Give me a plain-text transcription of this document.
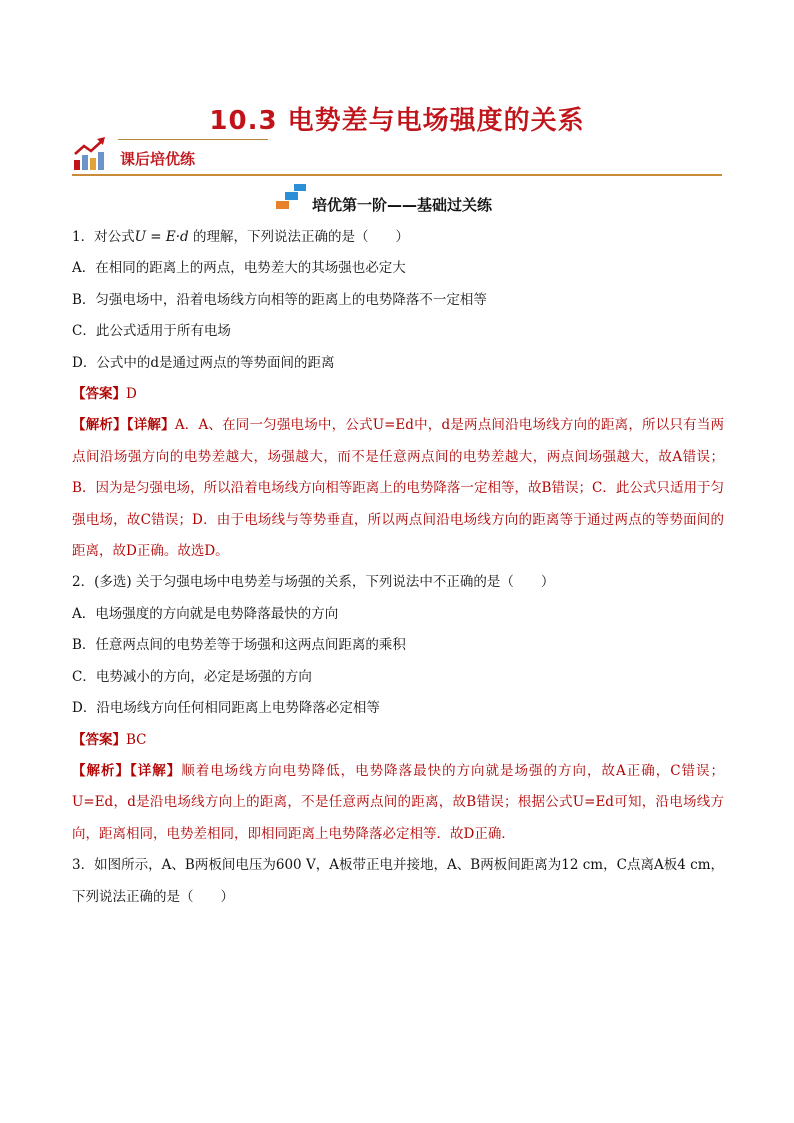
10.3 电势差与电场强度的关系
课后培优练
培优第一阶——基础过关练

1．对公式U = E·d 的理解，下列说法正确的是（　　）

A．在相同的距离上的两点，电势差大的其场强也必定大

B．匀强电场中，沿着电场线方向相等的距离上的电势降落不一定相等

C．此公式适用于所有电场

D．公式中的d是通过两点的等势面间的距离

【答案】D

【解析】【详解】A．A、在同一匀强电场中，公式U=Ed中，d是两点间沿电场线方向的距离，所以只有当两点间沿场强方向的电势差越大，场强越大，而不是任意两点间的电势差越大，两点间场强越大，故A错误；B．因为是匀强电场，所以沿着电场线方向相等距离上的电势降落一定相等，故B错误；C．此公式只适用于匀强电场，故C错误；D．由于电场线与等势垂直，所以两点间沿电场线方向的距离等于通过两点的等势面间的距离，故D正确。故选D。

2．(多选) 关于匀强电场中电势差与场强的关系，下列说法中不正确的是（　　）

A．电场强度的方向就是电势降落最快的方向

B．任意两点间的电势差等于场强和这两点间距离的乘积

C．电势减小的方向，必定是场强的方向

D．沿电场线方向任何相同距离上电势降落必定相等

【答案】BC

【解析】【详解】顺着电场线方向电势降低，电势降落最快的方向就是场强的方向，故A正确，C错误；U=Ed，d是沿电场线方向上的距离，不是任意两点间的距离，故B错误；根据公式U=Ed可知，沿电场线方向，距离相同，电势差相同，即相同距离上电势降落必定相等．故D正确．

3．如图所示，A、B两板间电压为600 V，A板带正电并接地，A、B两板间距离为12 cm，C点离A板4 cm，下列说法正确的是（　　）
